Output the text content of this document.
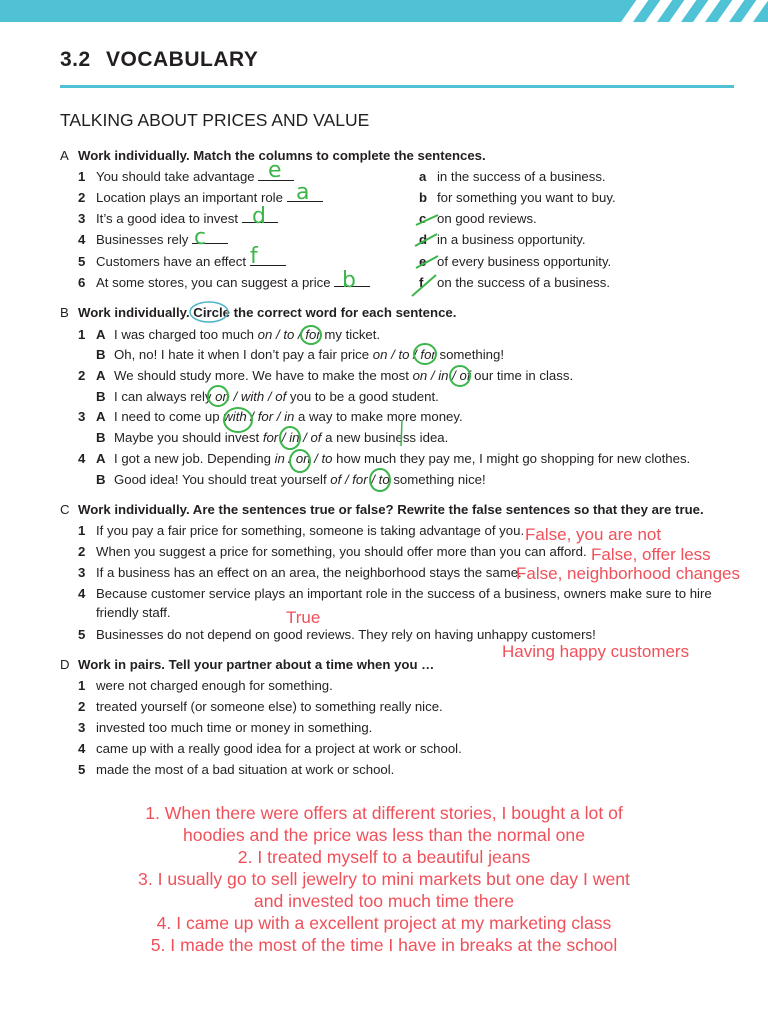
3.2 VOCABULARY
TALKING ABOUT PRICES AND VALUE
A Work individually. Match the columns to complete the sentences.
1 You should take advantage
2 Location plays an important role
3 It’s a good idea to invest
4 Businesses rely
5 Customers have an effect
6 At some stores, you can suggest a price
a in the success of a business.
b for something you want to buy.
c on good reviews.
d in a business opportunity.
e of every business opportunity.
f on the success of a business.
e
a
d
c
f
b
B Work individually. Circle the correct word for each sentence.
1 A I was charged too much on / to / for my ticket.
B Oh, no! I hate it when I don’t pay a fair price on / to / for something!
2 A We should study more. We have to make the most on / in / of our time in class.
B I can always rely on / with / of you to be a good student.
3 A I need to come up with / for / in a way to make more money.
B Maybe you should invest for / in / of a new business idea.
4 A I got a new job. Depending in / on / to how much they pay me, I might go shopping for new clothes.
B Good idea! You should treat yourself of / for / to something nice!
C Work individually. Are the sentences true or false? Rewrite the false sentences so that they are true.
1 If you pay a fair price for something, someone is taking advantage of you.
2 When you suggest a price for something, you should offer more than you can afford.
3 If a business has an effect on an area, the neighborhood stays the same.
4 Because customer service plays an important role in the success of a business, owners make sure to hire
friendly staff.
5 Businesses do not depend on good reviews. They rely on having unhappy customers!
False, you are not
False, offer less
False, neighborhood changes
True
Having happy customers
D Work in pairs. Tell your partner about a time when you …
1 were not charged enough for something.
2 treated yourself (or someone else) to something really nice.
3 invested too much time or money in something.
4 came up with a really good idea for a project at work or school.
5 made the most of a bad situation at work or school.
1. When there were offers at different stories, I bought a lot of
hoodies and the price was less than the normal one
2. I treated myself to a beautiful jeans
3. I usually go to sell jewelry to mini markets but one day I went
and invested too much time there
4. I came up with a excellent project at my marketing class
5. I made the most of the time I have in breaks at the school
